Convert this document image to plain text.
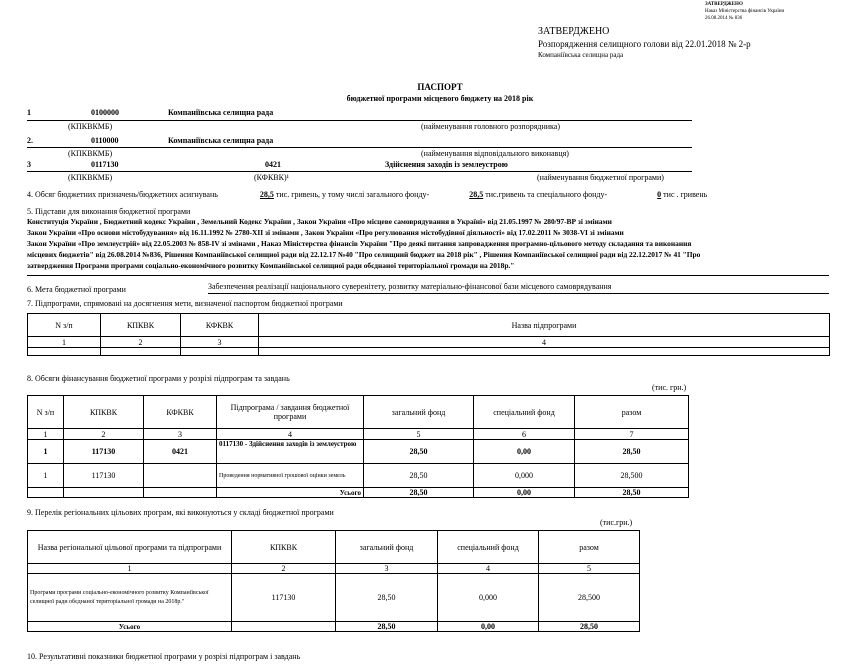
ЗАТВЕРДЖЕНО
Наказ Міністерства фінансів України
26.08.2014 № 836
ЗАТВЕРДЖЕНО
Розпорядження селищного голови від 22.01.2018 № 2-р
Компаніївська селищна рада
ПАСПОРТ
бюджетної програми місцевого бюджету на 2018 рік
1	0100000	Компаніївська селищна рада
(КПКВКМБ)	(найменування головного розпорядника)
2.	0110000	Компаніївська селищна рада
(КПКВКМБ)	(найменування відповідального виконавця)
3	0117130	0421	Здійснення заходів із землеустрою
(КПКВКМБ)	(КФКВК)¹	(найменування бюджетної програми)
4. Обсяг бюджетних призначень/бюджетних асигнувань	28,5 тис. гривень, у тому числі загального фонду-	28,5 тис.гривень та спеціального фонду-	0 тис . гривень
5. Підстави для виконання бюджетної програми
Конституція України , Бюджетний кодекс України , Земельний Кодекс України , Закон України «Про місцеве самоврядування в Україні» від 21.05.1997 № 280/97-ВР зі змінами
Закон України «Про основи містобудування» від 16.11.1992 № 2780-ХІІ зі змінами , Закон України «Про регулювання містобудівної діяльності» від 17.02.2011 № 3038-VI зі змінами
Закон України «Про землеустрій» від 22.05.2003 № 858-IV зі змінами , Наказ Міністерства фінансів України "Про деякі питання запровадження програмно-цільового методу складання та виконання
місцевих бюджетів" від 26.08.2014 №836, Рішення Компаніївської селищної ради від 22.12.17 №40 "Про селищний бюджет на 2018 рік" , Рішення Компаніївської селищної ради від 22.12.2017 № 41 "Про
затвердження Програми програми соціально-економічного розвитку Компаніївської селищної ради обєднаної територіальної громади на 2018р."
6. Мета бюджетної програми	Забезпечення реалізації національного суверенітету, розвитку матеріально-фінансової бази місцевого самоврядування
7. Підпрограми, спрямовані на досягнення мети, визначеної паспортом бюджетної програми
N з/п	КПКВК	КФКВК	Назва підпрограми
1	2	3	4

8. Обсяги фінансування бюджетної програми у розрізі підпрограм та завдань
(тис. грн.)
N з/п	КПКВК	КФКВК	Підпрограма / завдання бюджетної програми	загальний фонд	спеціальний фонд	разом
1	2	3	4	5	6	7
1	117130	0421	0117130 - Здійснення заходів із землеустрою	28,50	0,00	28,50
1	117130		Проведення нормативної грошової оцінки земель	28,50	0,000	28,500
			Усього	28,50	0,00	28,50
9. Перелік регіональних цільових програм, які виконуються у складі бюджетної програми
(тис.грн.)
Назва регіональної цільової програми та підпрограми	КПКВК	загальний фонд	спеціальний фонд	разом
1	2	3	4	5
Програми програми соціально-економічного розвитку Компаніївської селищної ради обєднаної територіальної громади на 2018р."	117130	28,50	0,000	28,500
Усього		28,50	0,00	28,50
10. Результативні показники бюджетної програми у розрізі підпрограм і завдань
